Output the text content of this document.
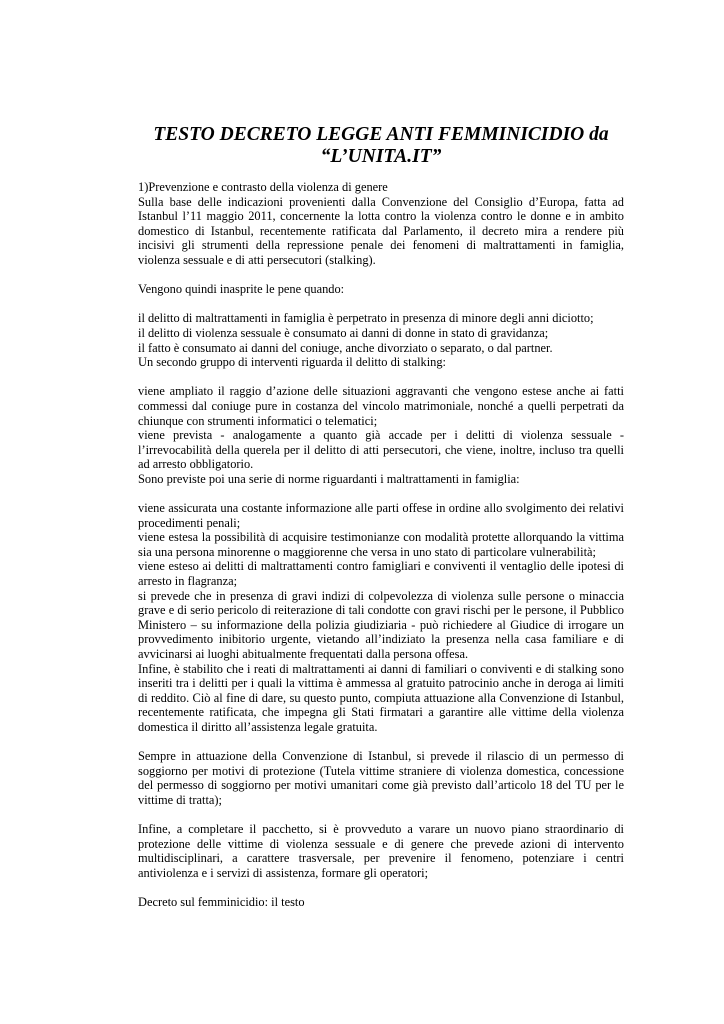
TESTO DECRETO LEGGE ANTI FEMMINICIDIO da
“L’UNITA.IT”

1)Prevenzione e contrasto della violenza di genere

Sulla base delle indicazioni provenienti dalla Convenzione del Consiglio d’Europa, fatta ad Istanbul l’11 maggio 2011, concernente la lotta contro la violenza contro le donne e in ambito domestico di Istanbul, recentemente ratificata dal Parlamento, il decreto mira a rendere più incisivi gli strumenti della repressione penale dei fenomeni di maltrattamenti in famiglia, violenza sessuale e di atti persecutori (stalking).

Vengono quindi inasprite le pene quando:

il delitto di maltrattamenti in famiglia è perpetrato in presenza di minore degli anni diciotto;

il delitto di violenza sessuale è consumato ai danni di donne in stato di gravidanza;

il fatto è consumato ai danni del coniuge, anche divorziato o separato, o dal partner.

Un secondo gruppo di interventi riguarda il delitto di stalking:

viene ampliato il raggio d’azione delle situazioni aggravanti che vengono estese anche ai fatti commessi dal coniuge pure in costanza del vincolo matrimoniale, nonché a quelli perpetrati da chiunque con strumenti informatici o telematici;

viene prevista - analogamente a quanto già accade per i delitti di violenza sessuale - l’irrevocabilità della querela per il delitto di atti persecutori, che viene, inoltre, incluso tra quelli ad arresto obbligatorio.

Sono previste poi una serie di norme riguardanti i maltrattamenti in famiglia:

viene assicurata una costante informazione alle parti offese in ordine allo svolgimento dei relativi procedimenti penali;

viene estesa la possibilità di acquisire testimonianze con modalità protette allorquando la vittima sia una persona minorenne o maggiorenne che versa in uno stato di particolare vulnerabilità;

viene esteso ai delitti di maltrattamenti contro famigliari e conviventi il ventaglio delle ipotesi di arresto in flagranza;

si prevede che in presenza di gravi indizi di colpevolezza di violenza sulle persone o minaccia grave e di serio pericolo di reiterazione di tali condotte con gravi rischi per le persone, il Pubblico Ministero – su informazione della polizia giudiziaria - può richiedere al Giudice di irrogare un provvedimento inibitorio urgente, vietando all’indiziato la presenza nella casa familiare e di avvicinarsi ai luoghi abitualmente frequentati dalla persona offesa.

Infine, è stabilito che i reati di maltrattamenti ai danni di familiari o conviventi e di stalking sono inseriti tra i delitti per i quali la vittima è ammessa al gratuito patrocinio anche in deroga ai limiti di reddito. Ciò al fine di dare, su questo punto, compiuta attuazione alla Convenzione di Istanbul, recentemente ratificata, che impegna gli Stati firmatari a garantire alle vittime della violenza domestica il diritto all’assistenza legale gratuita.

Sempre in attuazione della Convenzione di Istanbul, si prevede il rilascio di un permesso di soggiorno per motivi di protezione (Tutela vittime straniere di violenza domestica, concessione del permesso di soggiorno per motivi umanitari come già previsto dall’articolo 18 del TU per le vittime di tratta);

Infine, a completare il pacchetto, si è provveduto a varare un nuovo piano straordinario di protezione delle vittime di violenza sessuale e di genere che prevede azioni di intervento multidisciplinari, a carattere trasversale, per prevenire il fenomeno, potenziare i centri antiviolenza e i servizi di assistenza, formare gli operatori;

Decreto sul femminicidio: il testo
